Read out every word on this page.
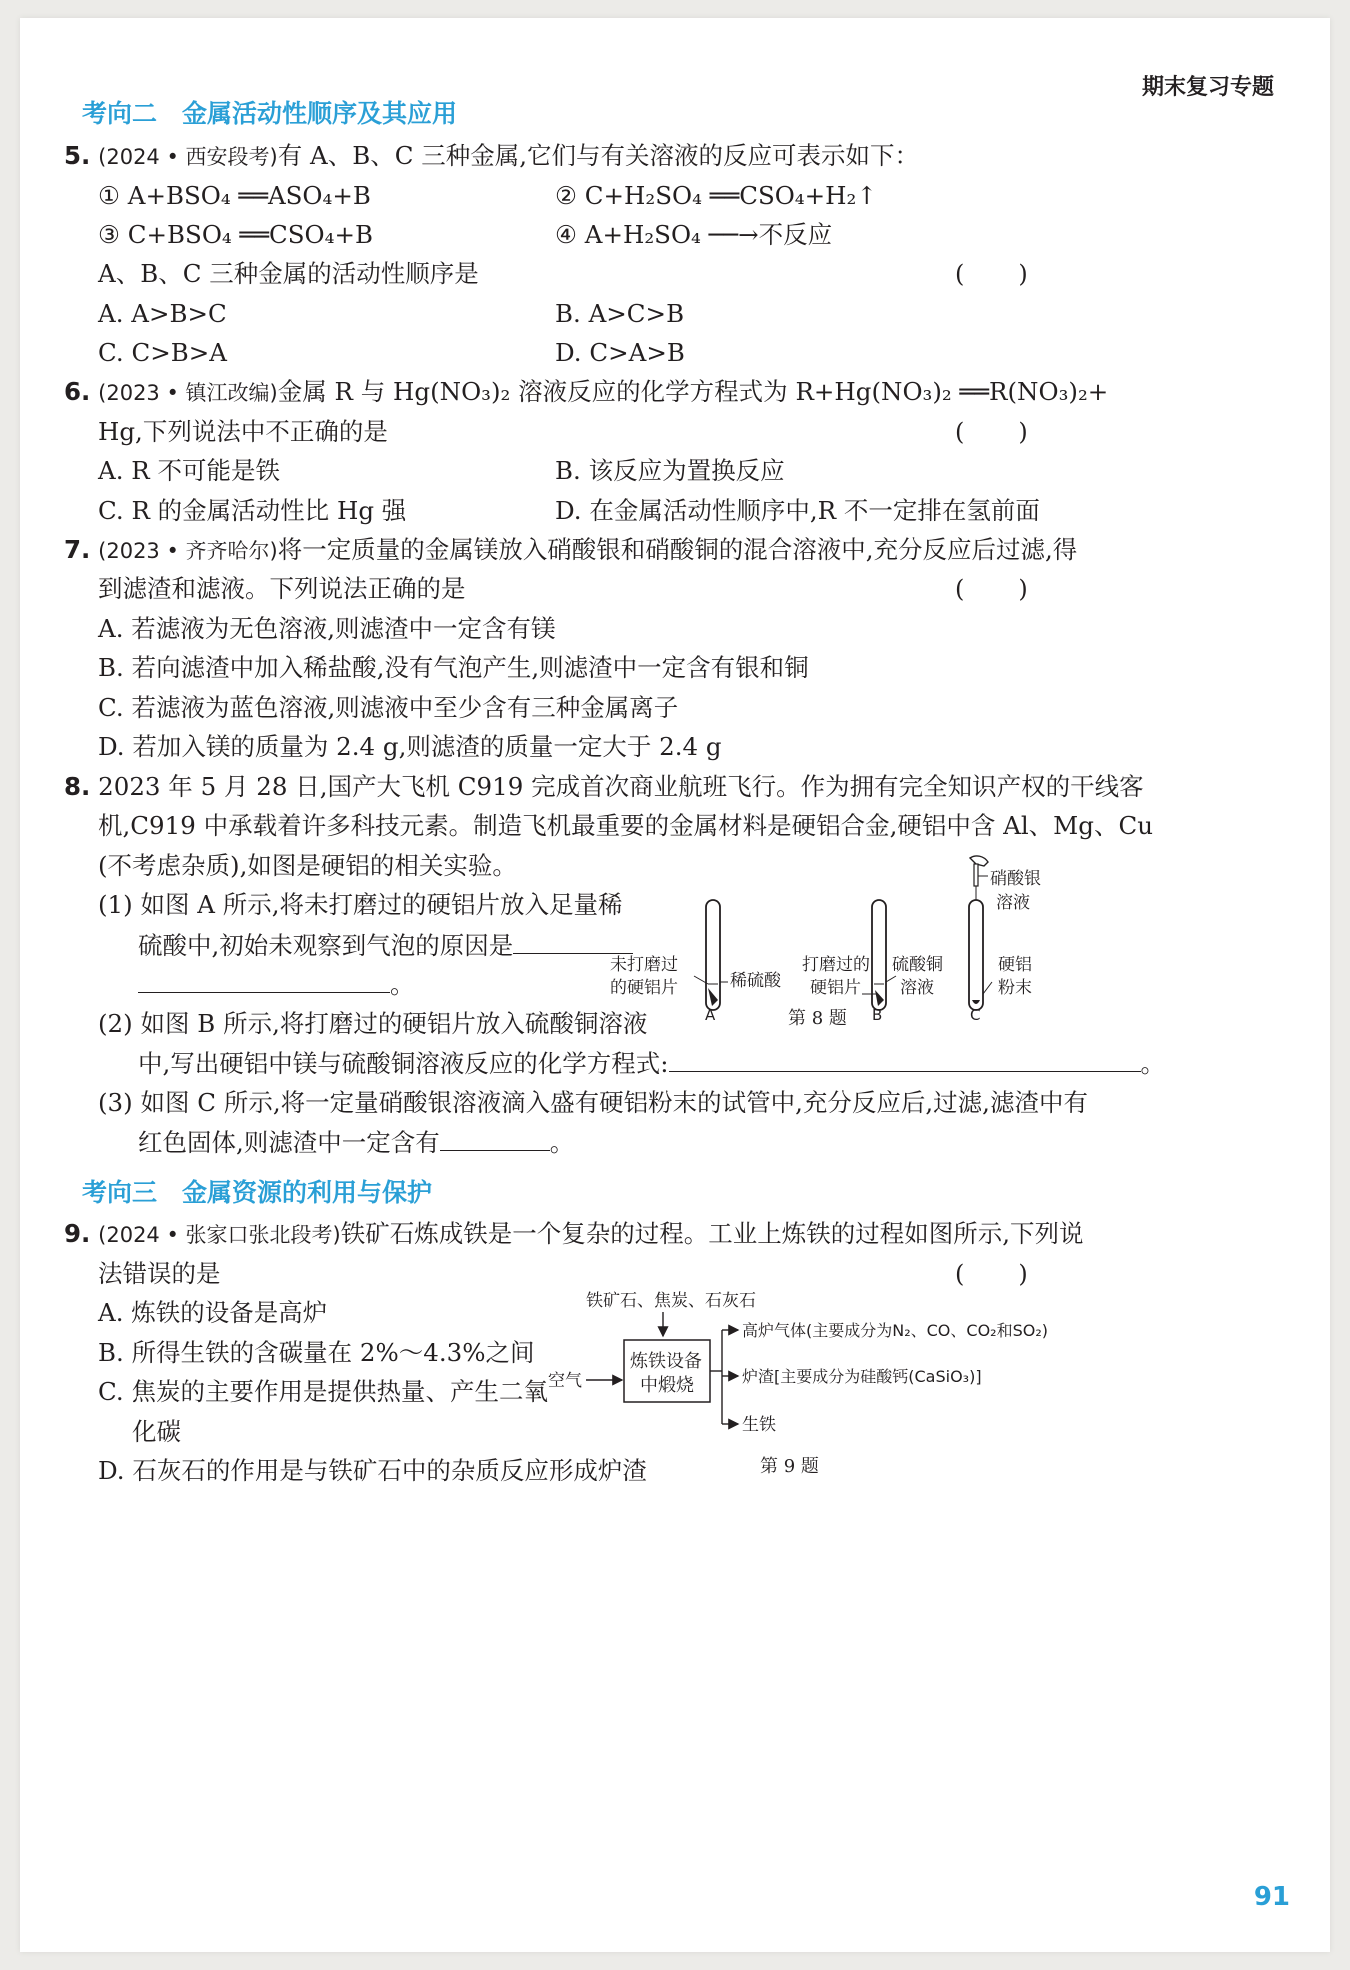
期末复习专题
考向二　金属活动性顺序及其应用
5. (2024 • 西安段考)有 A、B、C 三种金属,它们与有关溶液的反应可表示如下：
① A+BSO₄ ══ASO₄+B	② C+H₂SO₄ ══CSO₄+H₂↑
③ C+BSO₄ ══CSO₄+B	④ A+H₂SO₄ ──→不反应
A、B、C 三种金属的活动性顺序是	(　　)
A. A>B>C	B. A>C>B
C. C>B>A	D. C>A>B
6. (2023 • 镇江改编)金属 R 与 Hg(NO₃)₂ 溶液反应的化学方程式为 R+Hg(NO₃)₂ ══R(NO₃)₂+
Hg,下列说法中不正确的是	(　　)
A. R 不可能是铁	B. 该反应为置换反应
C. R 的金属活动性比 Hg 强	D. 在金属活动性顺序中,R 不一定排在氢前面
7. (2023 • 齐齐哈尔)将一定质量的金属镁放入硝酸银和硝酸铜的混合溶液中,充分反应后过滤,得
到滤渣和滤液。下列说法正确的是	(　　)
A. 若滤液为无色溶液,则滤渣中一定含有镁
B. 若向滤渣中加入稀盐酸,没有气泡产生,则滤渣中一定含有银和铜
C. 若滤液为蓝色溶液,则滤液中至少含有三种金属离子
D. 若加入镁的质量为 2.4 g,则滤渣的质量一定大于 2.4 g
8. 2023 年 5 月 28 日,国产大飞机 C919 完成首次商业航班飞行。作为拥有完全知识产权的干线客
机,C919 中承载着许多科技元素。制造飞机最重要的金属材料是硬铝合金,硬铝中含 Al、Mg、Cu
(不考虑杂质),如图是硬铝的相关实验。
(1) 如图 A 所示,将未打磨过的硬铝片放入足量稀
硫酸中,初始未观察到气泡的原因是
。
(2) 如图 B 所示,将打磨过的硬铝片放入硫酸铜溶液
中,写出硬铝中镁与硫酸铜溶液反应的化学方程式:	。
(3) 如图 C 所示,将一定量硝酸银溶液滴入盛有硬铝粉末的试管中,充分反应后,过滤,滤渣中有
红色固体,则滤渣中一定含有	。
未打磨过
的硬铝片	稀硫酸
A
打磨过的
硬铝片
硫酸铜
溶液
B
硝酸银
溶液
硬铝
粉末
C
第 8 题
考向三　金属资源的利用与保护
9. (2024 • 张家口张北段考)铁矿石炼成铁是一个复杂的过程。工业上炼铁的过程如图所示,下列说
法错误的是	(　　)
A. 炼铁的设备是高炉
B. 所得生铁的含碳量在 2%～4.3%之间
C. 焦炭的主要作用是提供热量、产生二氧
化碳
D. 石灰石的作用是与铁矿石中的杂质反应形成炉渣
铁矿石、焦炭、石灰石
空气
炼铁设备
中煅烧
高炉气体(主要成分为N₂、CO、CO₂和SO₂)
炉渣[主要成分为硅酸钙(CaSiO₃)]
生铁
第 9 题
91
